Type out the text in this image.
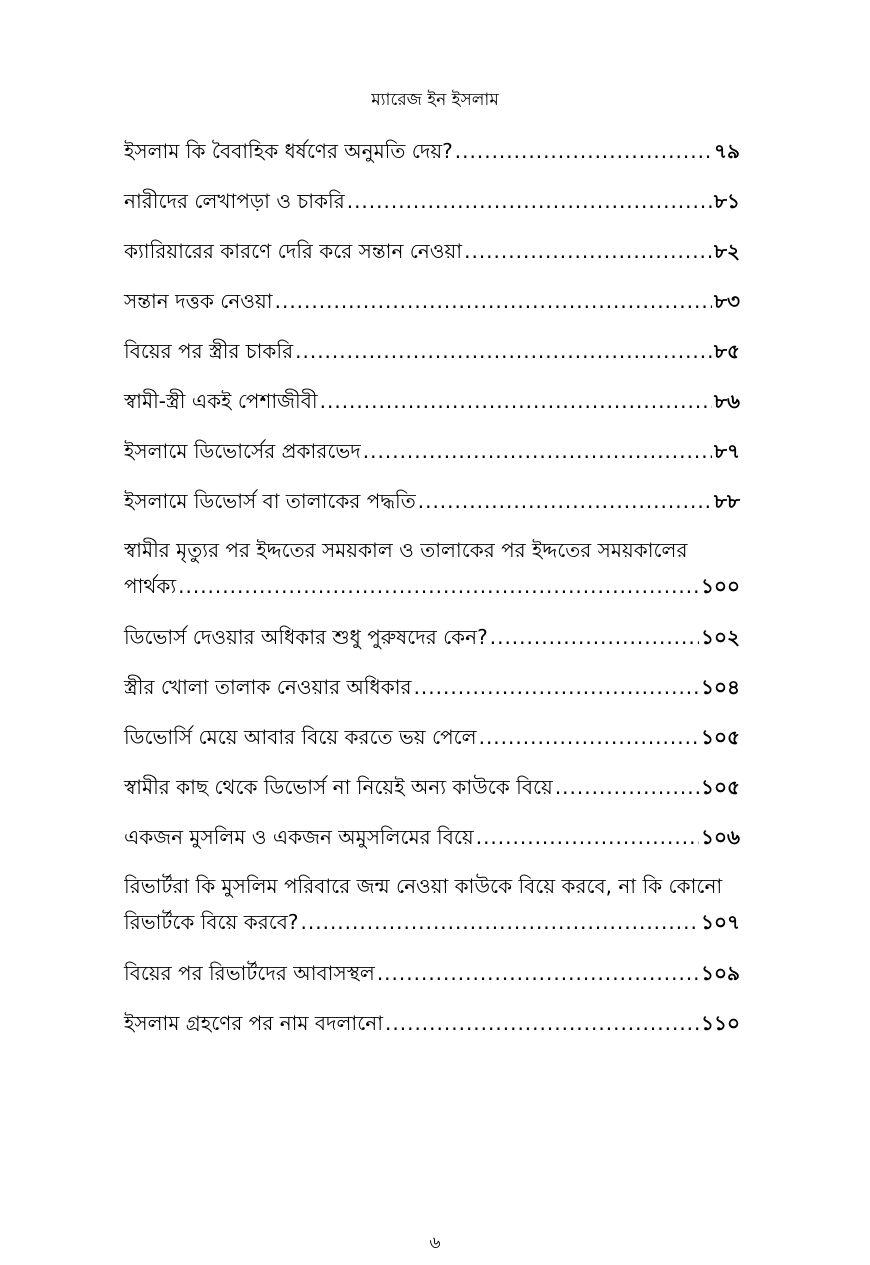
ম্যারেজ ইন ইসলাম
ইসলাম কি বৈবাহিক ধর্ষণের অনুমতি দেয়? .....	৭৯
নারীদের লেখাপড়া ও চাকরি .....	৮১
ক্যারিয়ারের কারণে দেরি করে সন্তান নেওয়া .....	৮২
সন্তান দত্তক নেওয়া .....	৮৩
বিয়ের পর স্ত্রীর চাকরি .....	৮৫
স্বামী-স্ত্রী একই পেশাজীবী .....	৮৬
ইসলামে ডিভোর্সের প্রকারভেদ .....	৮৭
ইসলামে ডিভোর্স বা তালাকের পদ্ধতি .....	৮৮
স্বামীর মৃত্যুর পর ইদ্দতের সময়কাল ও তালাকের পর ইদ্দতের সময়কালের
পার্থক্য .....	১০০
ডিভোর্স দেওয়ার অধিকার শুধু পুরুষদের কেন? .....	১০২
স্ত্রীর খোলা তালাক নেওয়ার অধিকার .....	১০৪
ডিভোর্সি মেয়ে আবার বিয়ে করতে ভয় পেলে .....	১০৫
স্বামীর কাছ থেকে ডিভোর্স না নিয়েই অন্য কাউকে বিয়ে .....	১০৫
একজন মুসলিম ও একজন অমুসলিমের বিয়ে .....	১০৬
রিভার্টরা কি মুসলিম পরিবারে জন্ম নেওয়া কাউকে বিয়ে করবে, না কি কোনো
রিভার্টকে বিয়ে করবে? .....	১০৭
বিয়ের পর রিভার্টদের আবাসস্থল .....	১০৯
ইসলাম গ্রহণের পর নাম বদলানো .....	১১০
৬
